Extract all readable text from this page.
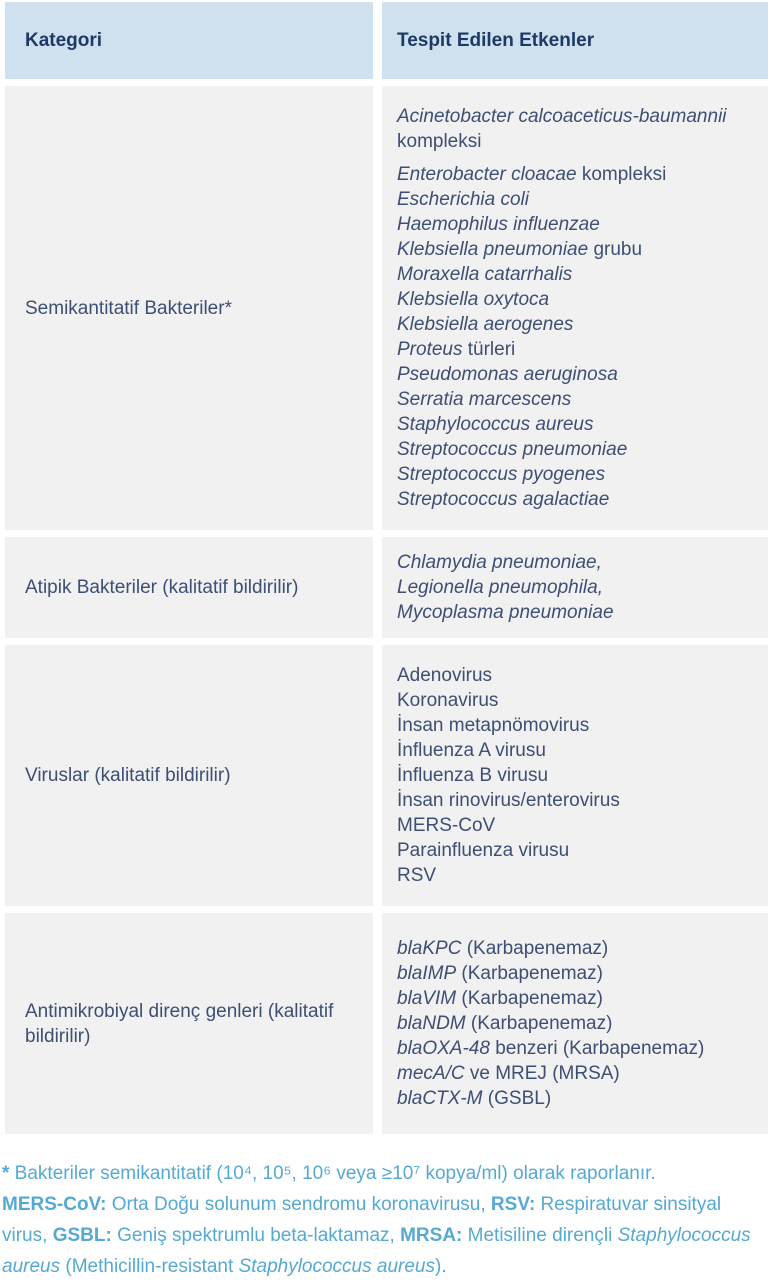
Kategori	Tespit Edilen Etkenler
Semikantitatif Bakteriler*
Acinetobacter calcoaceticus-baumannii kompleksi
Enterobacter cloacae kompleksi
Escherichia coli
Haemophilus influenzae
Klebsiella pneumoniae grubu
Moraxella catarrhalis
Klebsiella oxytoca
Klebsiella aerogenes
Proteus türleri
Pseudomonas aeruginosa
Serratia marcescens
Staphylococcus aureus
Streptococcus pneumoniae
Streptococcus pyogenes
Streptococcus agalactiae
Atipik Bakteriler (kalitatif bildirilir)
Chlamydia pneumoniae,
Legionella pneumophila,
Mycoplasma pneumoniae
Viruslar (kalitatif bildirilir)
Adenovirus
Koronavirus
İnsan metapnömovirus
İnfluenza A virusu
İnfluenza B virusu
İnsan rinovirus/enterovirus
MERS-CoV
Parainfluenza virusu
RSV
Antimikrobiyal direnç genleri (kalitatif bildirilir)
blaKPC (Karbapenemaz)
blaIMP (Karbapenemaz)
blaVIM (Karbapenemaz)
blaNDM (Karbapenemaz)
blaOXA-48 benzeri (Karbapenemaz)
mecA/C ve MREJ (MRSA)
blaCTX-M (GSBL)
* Bakteriler semikantitatif (10⁴, 10⁵, 10⁶ veya ≥10⁷ kopya/ml) olarak raporlanır.
MERS-CoV: Orta Doğu solunum sendromu koronavirusu, RSV: Respiratuvar sinsityal virus, GSBL: Geniş spektrumlu beta-laktamaz, MRSA: Metisiline dirençli Staphylococcus aureus (Methicillin-resistant Staphylococcus aureus).
